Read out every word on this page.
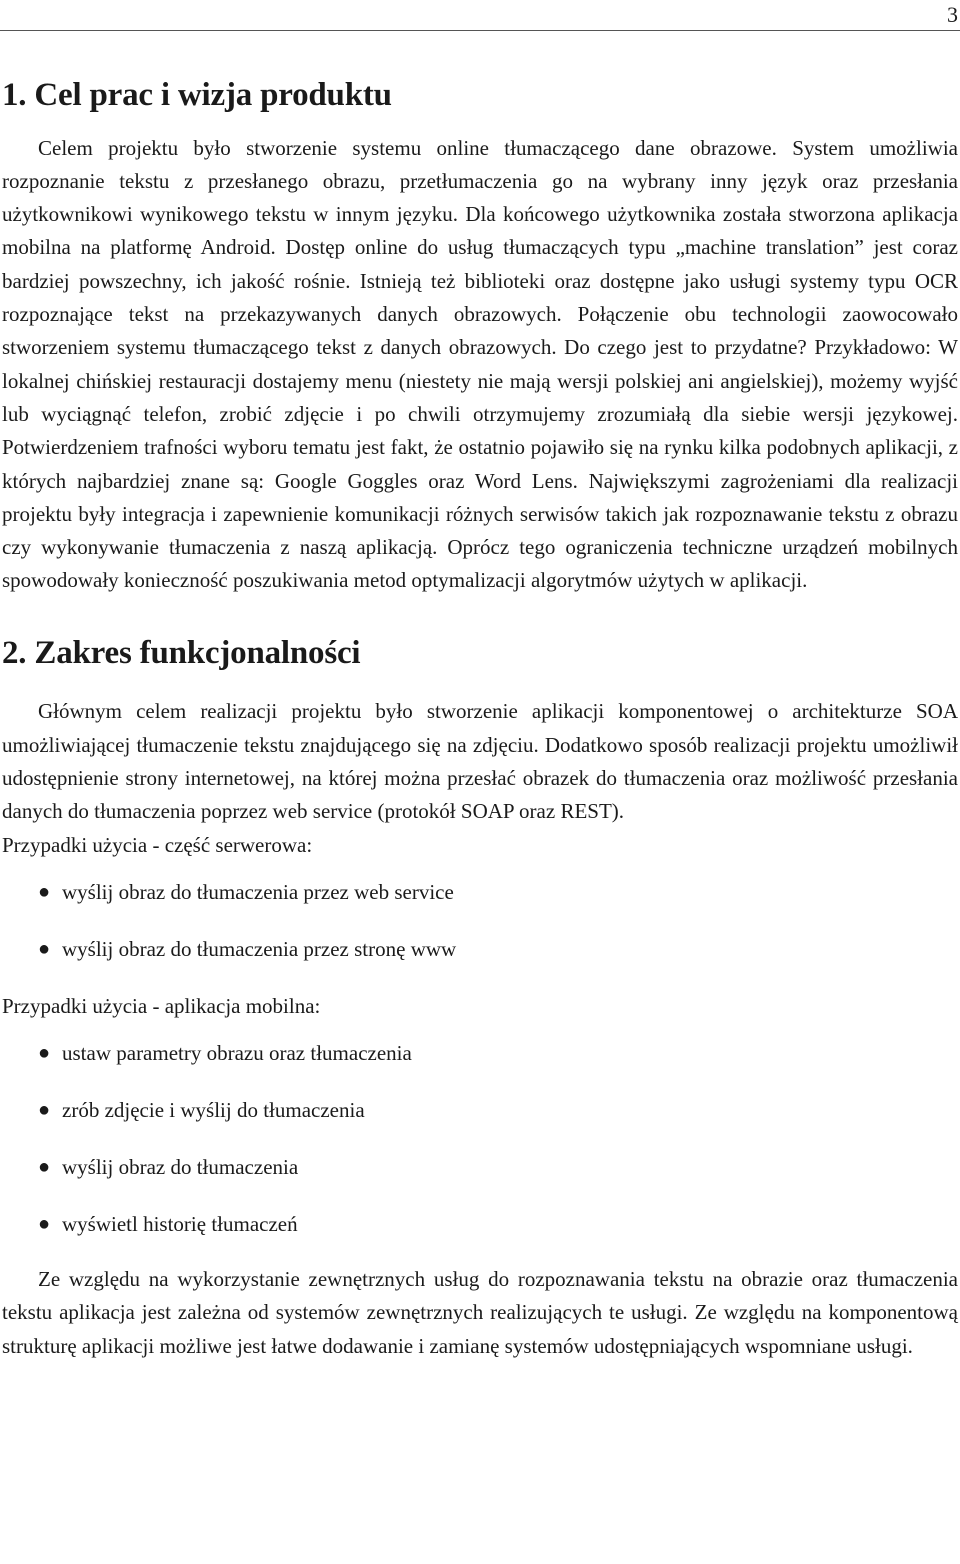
3
1. Cel prac i wizja produktu

Celem projektu było stworzenie systemu online tłumaczącego dane obrazowe. System umożliwia rozpoznanie tekstu z przesłanego obrazu, przetłumaczenia go na wybrany inny język oraz przesłania użytkownikowi wynikowego tekstu w innym języku. Dla końcowego użytkownika została stworzona aplikacja mobilna na platformę Android. Dostęp online do usług tłumaczących typu „machine translation” jest coraz bardziej powszechny, ich jakość rośnie. Istnieją też biblioteki oraz dostępne jako usługi systemy typu OCR rozpoznające tekst na przekazywanych danych obrazowych. Połączenie obu technologii zaowocowało stworzeniem systemu tłumaczącego tekst z danych obrazowych. Do czego jest to przydatne? Przykładowo: W lokalnej chińskiej restauracji dostajemy menu (niestety nie mają wersji polskiej ani angielskiej), możemy wyjść lub wyciągnąć telefon, zrobić zdjęcie i po chwili otrzymujemy zrozumiałą dla siebie wersji językowej. Potwierdzeniem trafności wyboru tematu jest fakt, że ostatnio pojawiło się na rynku kilka podobnych aplikacji, z których najbardziej znane są: Google Goggles oraz Word Lens. Największymi zagrożeniami dla realizacji projektu były integracja i zapewnienie komunikacji różnych serwisów takich jak rozpoznawanie tekstu z obrazu czy wykonywanie tłumaczenia z naszą aplikacją. Oprócz tego ograniczenia techniczne urządzeń mobilnych spowodowały konieczność poszukiwania metod optymalizacji algorytmów użytych w aplikacji.

2. Zakres funkcjonalności

Głównym celem realizacji projektu było stworzenie aplikacji komponentowej o architekturze SOA umożliwiającej tłumaczenie tekstu znajdującego się na zdjęciu. Dodatkowo sposób realizacji projektu umożliwił udostępnienie strony internetowej, na której można przesłać obrazek do tłumaczenia oraz możliwość przesłania danych do tłumaczenia poprzez web service (protokół SOAP oraz REST).

Przypadki użycia - część serwerowa:

● wyślij obraz do tłumaczenia przez web service
● wyślij obraz do tłumaczenia przez stronę www

Przypadki użycia - aplikacja mobilna:

● ustaw parametry obrazu oraz tłumaczenia
● zrób zdjęcie i wyślij do tłumaczenia
● wyślij obraz do tłumaczenia
● wyświetl historię tłumaczeń

Ze względu na wykorzystanie zewnętrznych usług do rozpoznawania tekstu na obrazie oraz tłumaczenia tekstu aplikacja jest zależna od systemów zewnętrznych realizujących te usługi. Ze względu na komponentową strukturę aplikacji możliwe jest łatwe dodawanie i zamianę systemów udostępniających wspomniane usługi.
